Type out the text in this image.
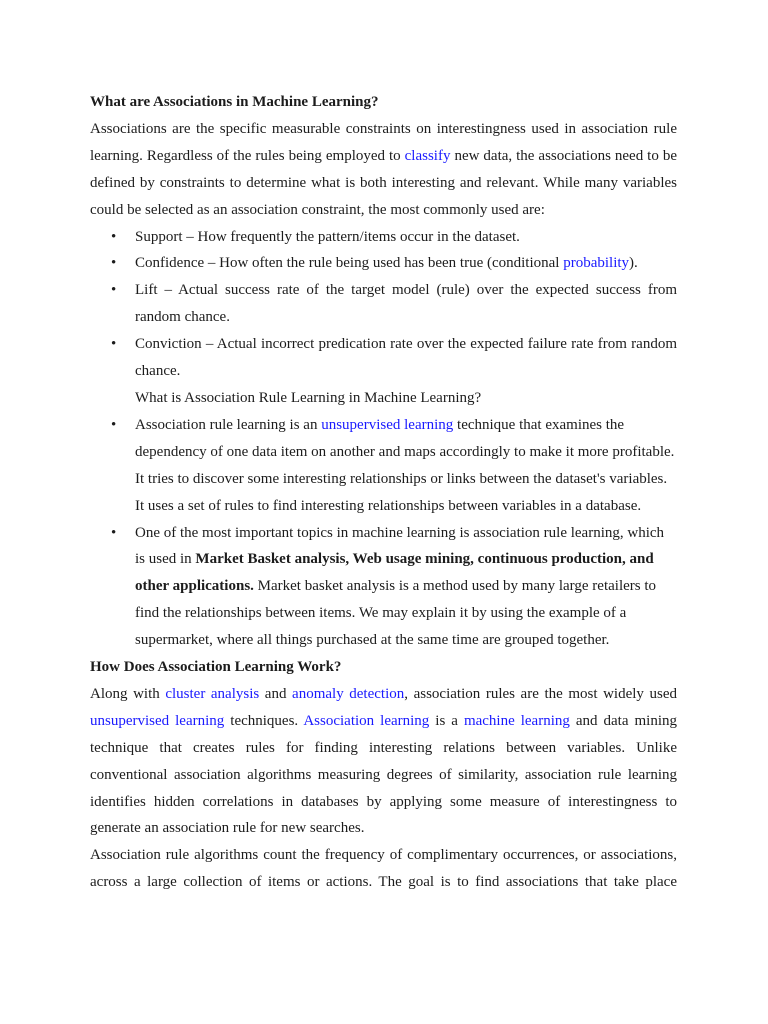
What are Associations in Machine Learning?

Associations are the specific measurable constraints on interestingness used in association rule learning. Regardless of the rules being employed to classify new data, the associations need to be defined by constraints to determine what is both interesting and relevant. While many variables could be selected as an association constraint, the most commonly used are:

• Support – How frequently the pattern/items occur in the dataset.
• Confidence – How often the rule being used has been true (conditional probability).
• Lift – Actual success rate of the target model (rule) over the expected success from random chance.
• Conviction – Actual incorrect predication rate over the expected failure rate from random chance.
What is Association Rule Learning in Machine Learning?
• Association rule learning is an unsupervised learning technique that examines the dependency of one data item on another and maps accordingly to make it more profitable. It tries to discover some interesting relationships or links between the dataset's variables. It uses a set of rules to find interesting relationships between variables in a database.
• One of the most important topics in machine learning is association rule learning, which is used in Market Basket analysis, Web usage mining, continuous production, and other applications. Market basket analysis is a method used by many large retailers to find the relationships between items. We may explain it by using the example of a supermarket, where all things purchased at the same time are grouped together.
How Does Association Learning Work?

Along with cluster analysis and anomaly detection, association rules are the most widely used unsupervised learning techniques. Association learning is a machine learning and data mining technique that creates rules for finding interesting relations between variables. Unlike conventional association algorithms measuring degrees of similarity, association rule learning identifies hidden correlations in databases by applying some measure of interestingness to generate an association rule for new searches.

Association rule algorithms count the frequency of complimentary occurrences, or associations, across a large collection of items or actions. The goal is to find associations that take place
